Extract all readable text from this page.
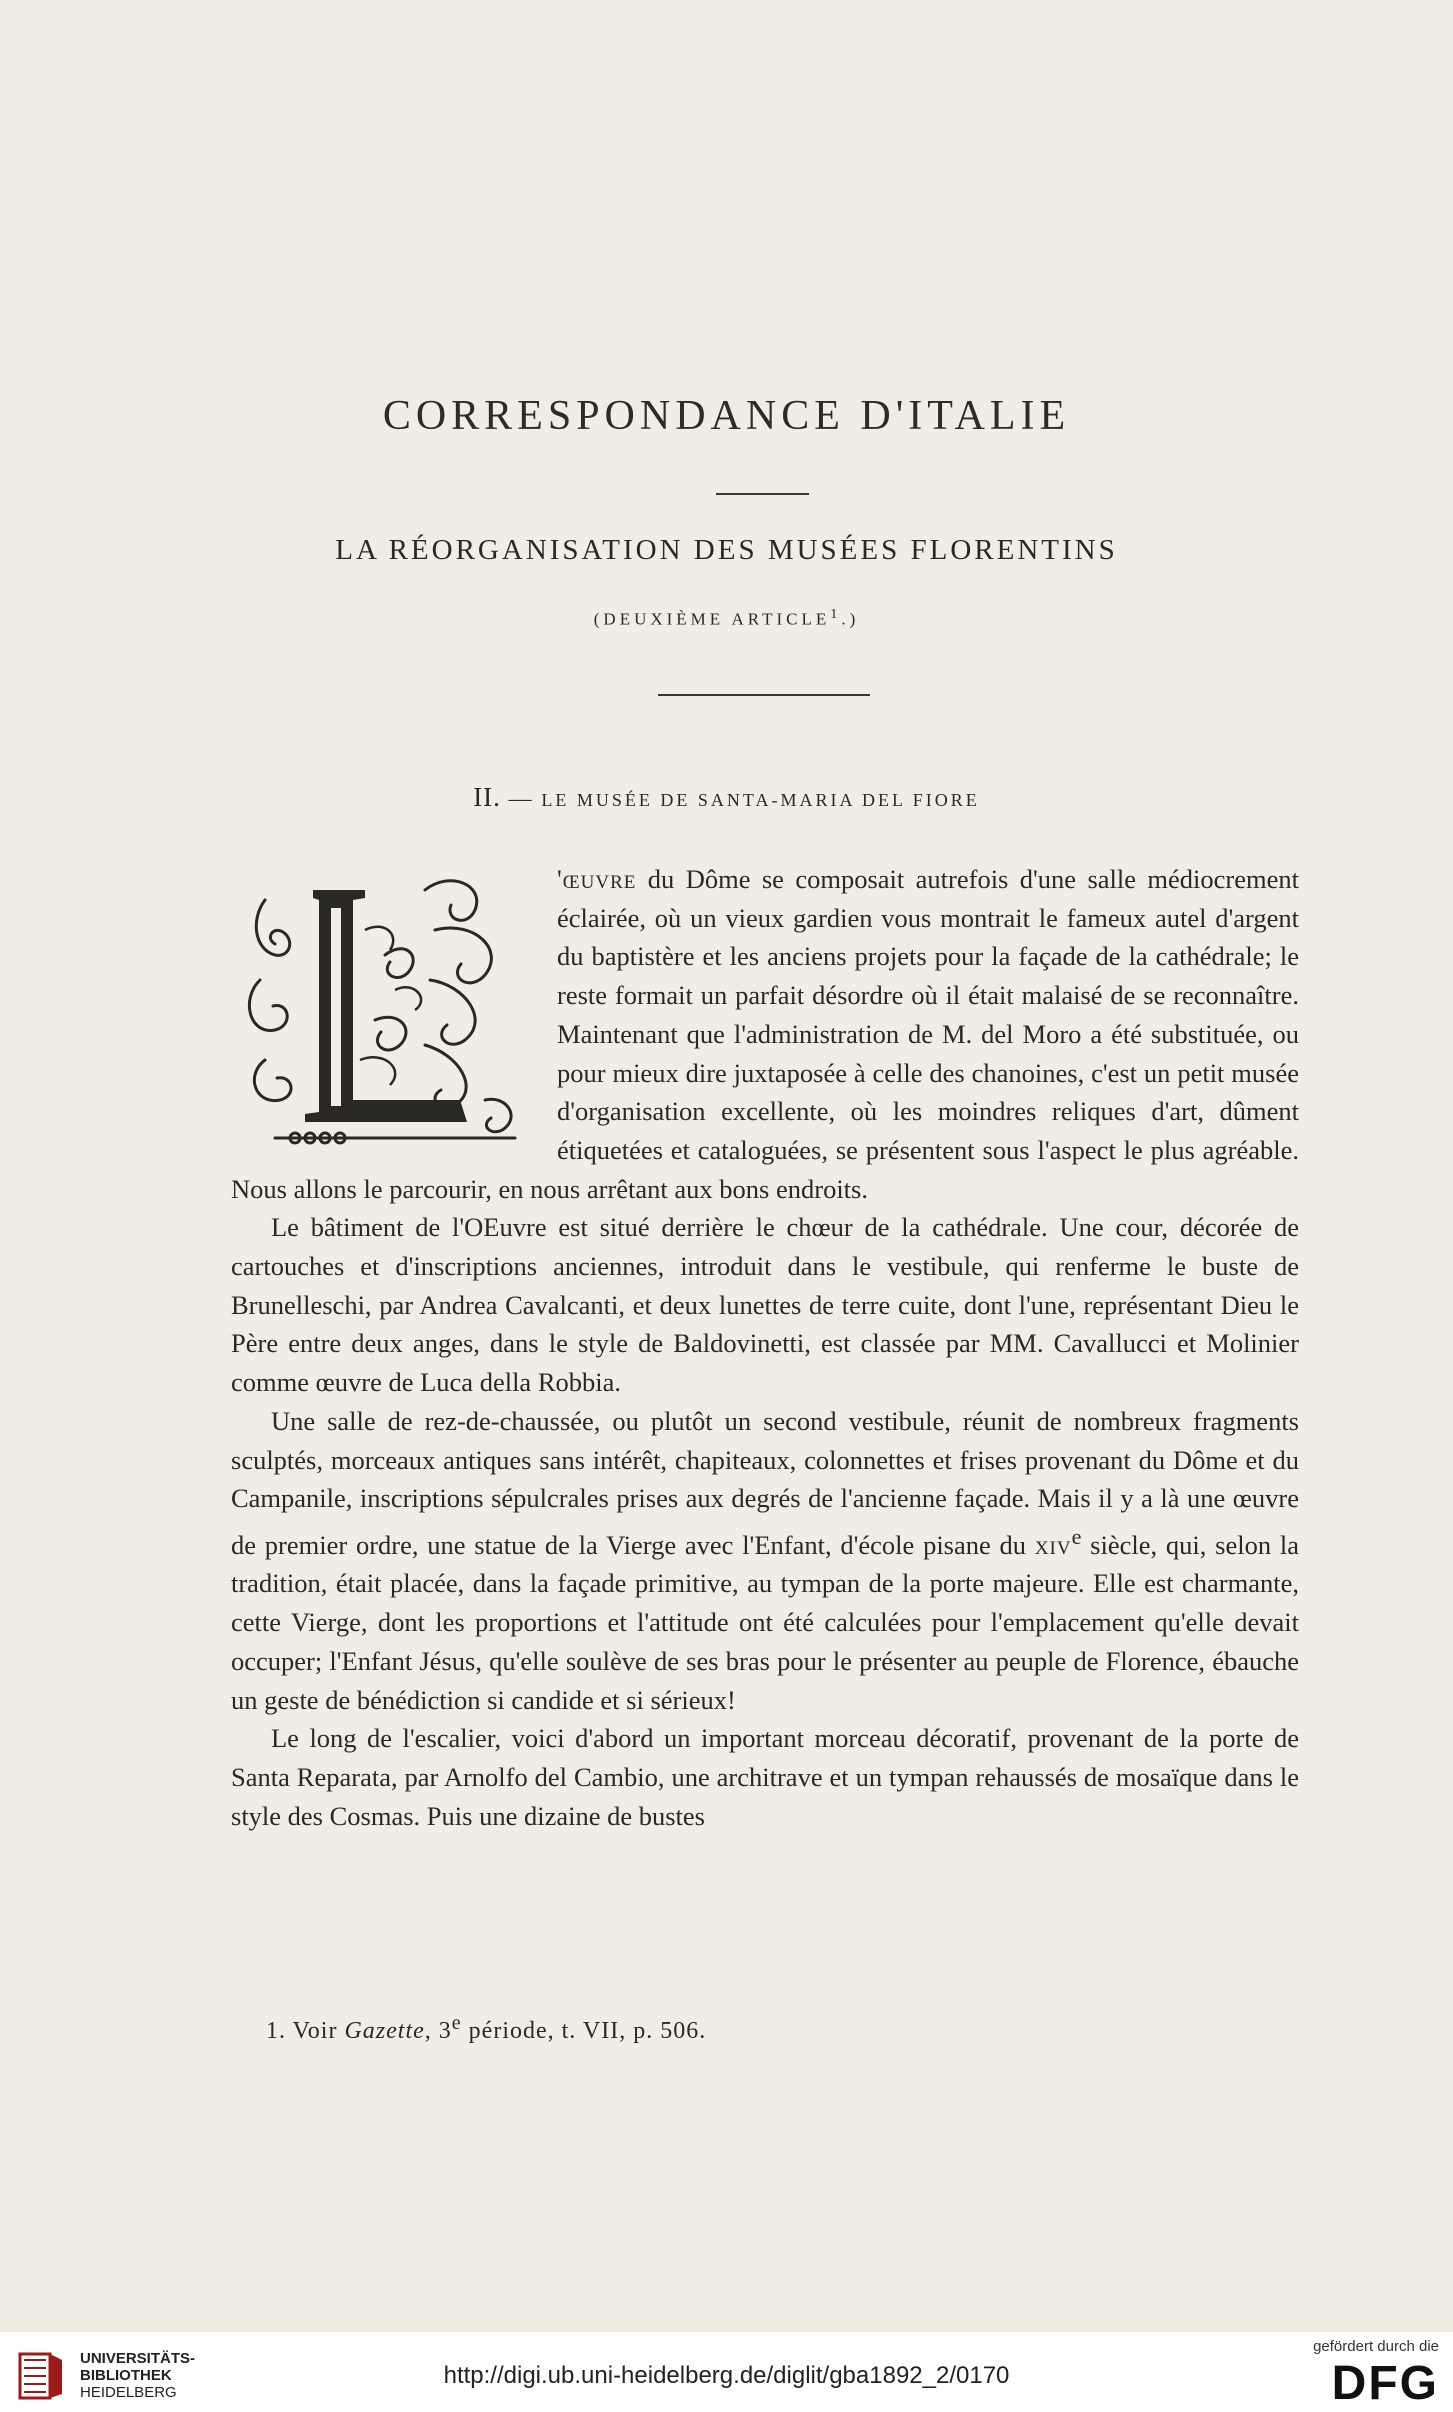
CORRESPONDANCE D'ITALIE
LA RÉORGANISATION DES MUSÉES FLORENTINS
(DEUXIÈME ARTICLE$^1$.)
II. — LE MUSÉE DE SANTA-MARIA DEL FIORE

'œuvre du Dôme se composait autrefois d'une salle médiocrement éclairée, où un vieux gardien vous montrait le fameux autel d'argent du baptistère et les anciens projets pour la façade de la cathédrale; le reste formait un parfait désordre où il était malaisé de se reconnaître. Maintenant que l'administration de M. del Moro a été substituée, ou pour mieux dire juxtaposée à celle des chanoines, c'est un petit musée d'organisation excellente, où les moindres reliques d'art, dûment étiquetées et cataloguées, se présentent sous l'aspect le plus agréable. Nous allons le parcourir, en nous arrêtant aux bons endroits.

Le bâtiment de l'OEuvre est situé derrière le chœur de la cathédrale. Une cour, décorée de cartouches et d'inscriptions anciennes, introduit dans le vestibule, qui renferme le buste de Brunelleschi, par Andrea Cavalcanti, et deux lunettes de terre cuite, dont l'une, représentant Dieu le Père entre deux anges, dans le style de Baldovinetti, est classée par MM. Cavallucci et Molinier comme œuvre de Luca della Robbia.

Une salle de rez-de-chaussée, ou plutôt un second vestibule, réunit de nombreux fragments sculptés, morceaux antiques sans intérêt, chapiteaux, colonnettes et frises provenant du Dôme et du Campanile, inscriptions sépulcrales prises aux degrés de l'ancienne façade. Mais il y a là une œuvre de premier ordre, une statue de la Vierge avec l'Enfant, d'école pisane du xiv$^e$ siècle, qui, selon la tradition, était placée, dans la façade primitive, au tympan de la porte majeure. Elle est charmante, cette Vierge, dont les proportions et l'attitude ont été calculées pour l'emplacement qu'elle devait occuper; l'Enfant Jésus, qu'elle soulève de ses bras pour le présenter au peuple de Florence, ébauche un geste de bénédiction si candide et si sérieux!

Le long de l'escalier, voici d'abord un important morceau décoratif, provenant de la porte de Santa Reparata, par Arnolfo del Cambio, une architrave et un tympan rehaussés de mosaïque dans le style des Cosmas. Puis une dizaine de bustes

1. Voir Gazette, 3e période, t. VII, p. 506.
UNIVERSITÄTS-
BIBLIOTHEK
HEIDELBERG
http://digi.ub.uni-heidelberg.de/diglit/gba1892_2/0170
gefördert durch die
DFG
